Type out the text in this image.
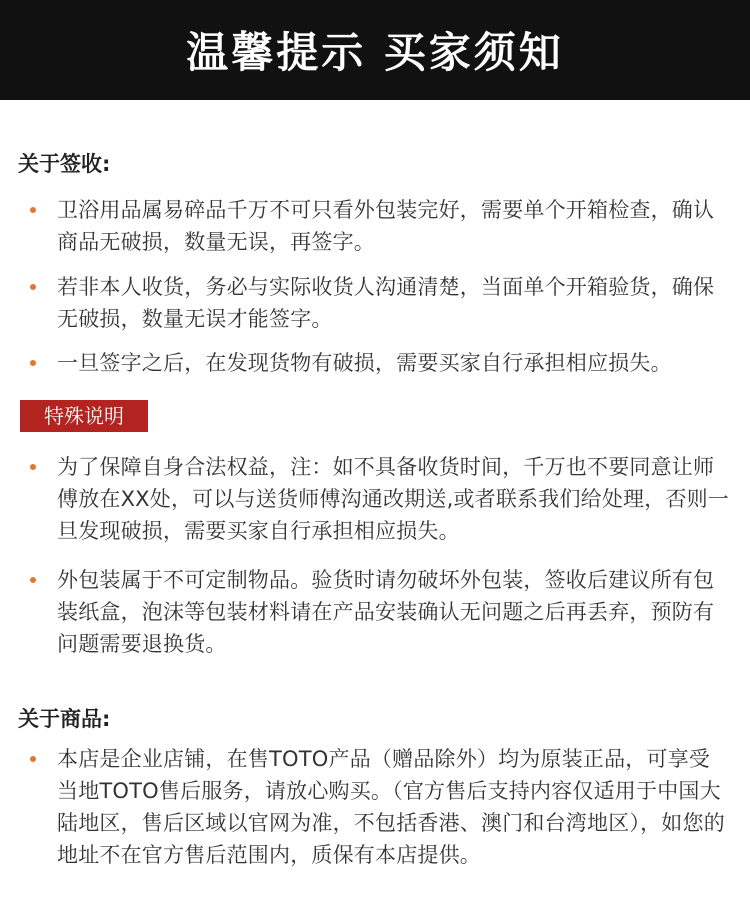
温馨提示 买家须知
关于签收:
卫浴用品属易碎品千万不可只看外包装完好，需要单个开箱检查，确认商品无破损，数量无误，再签字。
若非本人收货，务必与实际收货人沟通清楚，当面单个开箱验货，确保无破损，数量无误才能签字。
一旦签字之后，在发现货物有破损，需要买家自行承担相应损失。
特殊说明
为了保障自身合法权益，注：如不具备收货时间，千万也不要同意让师傅放在XX处，可以与送货师傅沟通改期送,或者联系我们给处理，否则一旦发现破损，需要买家自行承担相应损失。
外包装属于不可定制物品。验货时请勿破坏外包装，签收后建议所有包装纸盒，泡沫等包装材料请在产品安装确认无问题之后再丢弃，预防有问题需要退换货。
关于商品:
本店是企业店铺，在售TOTO产品（赠品除外）均为原装正品，可享受当地TOTO售后服务，请放心购买。（官方售后支持内容仅适用于中国大陆地区，售后区域以官网为准，不包括香港、澳门和台湾地区），如您的地址不在官方售后范围内，质保有本店提供。
